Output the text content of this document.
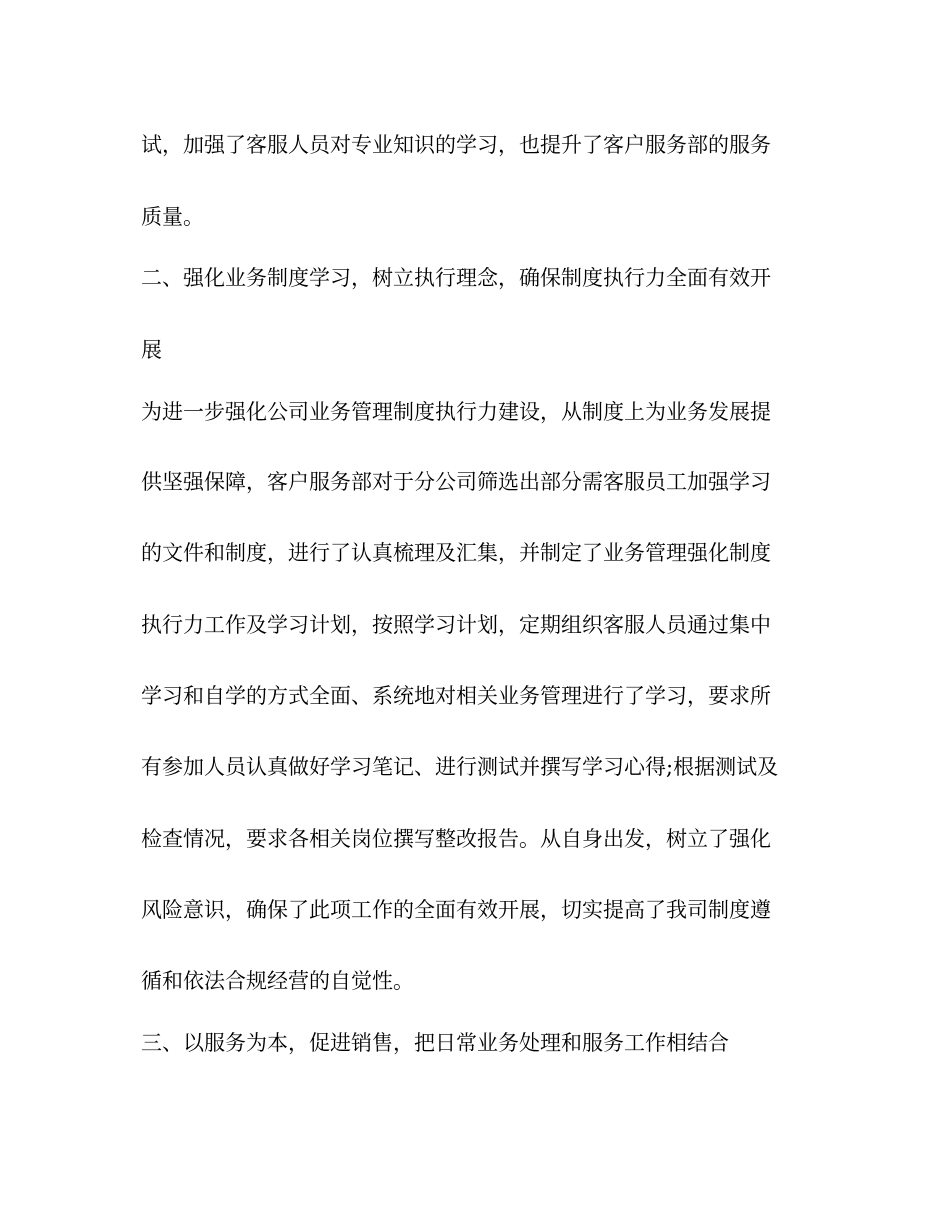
试，加强了客服人员对专业知识的学习，也提升了客户服务部的服务
质量。
二、强化业务制度学习，树立执行理念，确保制度执行力全面有效开
展
为进一步强化公司业务管理制度执行力建设，从制度上为业务发展提
供坚强保障，客户服务部对于分公司筛选出部分需客服员工加强学习
的文件和制度，进行了认真梳理及汇集，并制定了业务管理强化制度
执行力工作及学习计划，按照学习计划，定期组织客服人员通过集中
学习和自学的方式全面、系统地对相关业务管理进行了学习，要求所
有参加人员认真做好学习笔记、进行测试并撰写学习心得;根据测试及
检查情况，要求各相关岗位撰写整改报告。从自身出发，树立了强化
风险意识，确保了此项工作的全面有效开展，切实提高了我司制度遵
循和依法合规经营的自觉性。
三、以服务为本，促进销售，把日常业务处理和服务工作相结合
